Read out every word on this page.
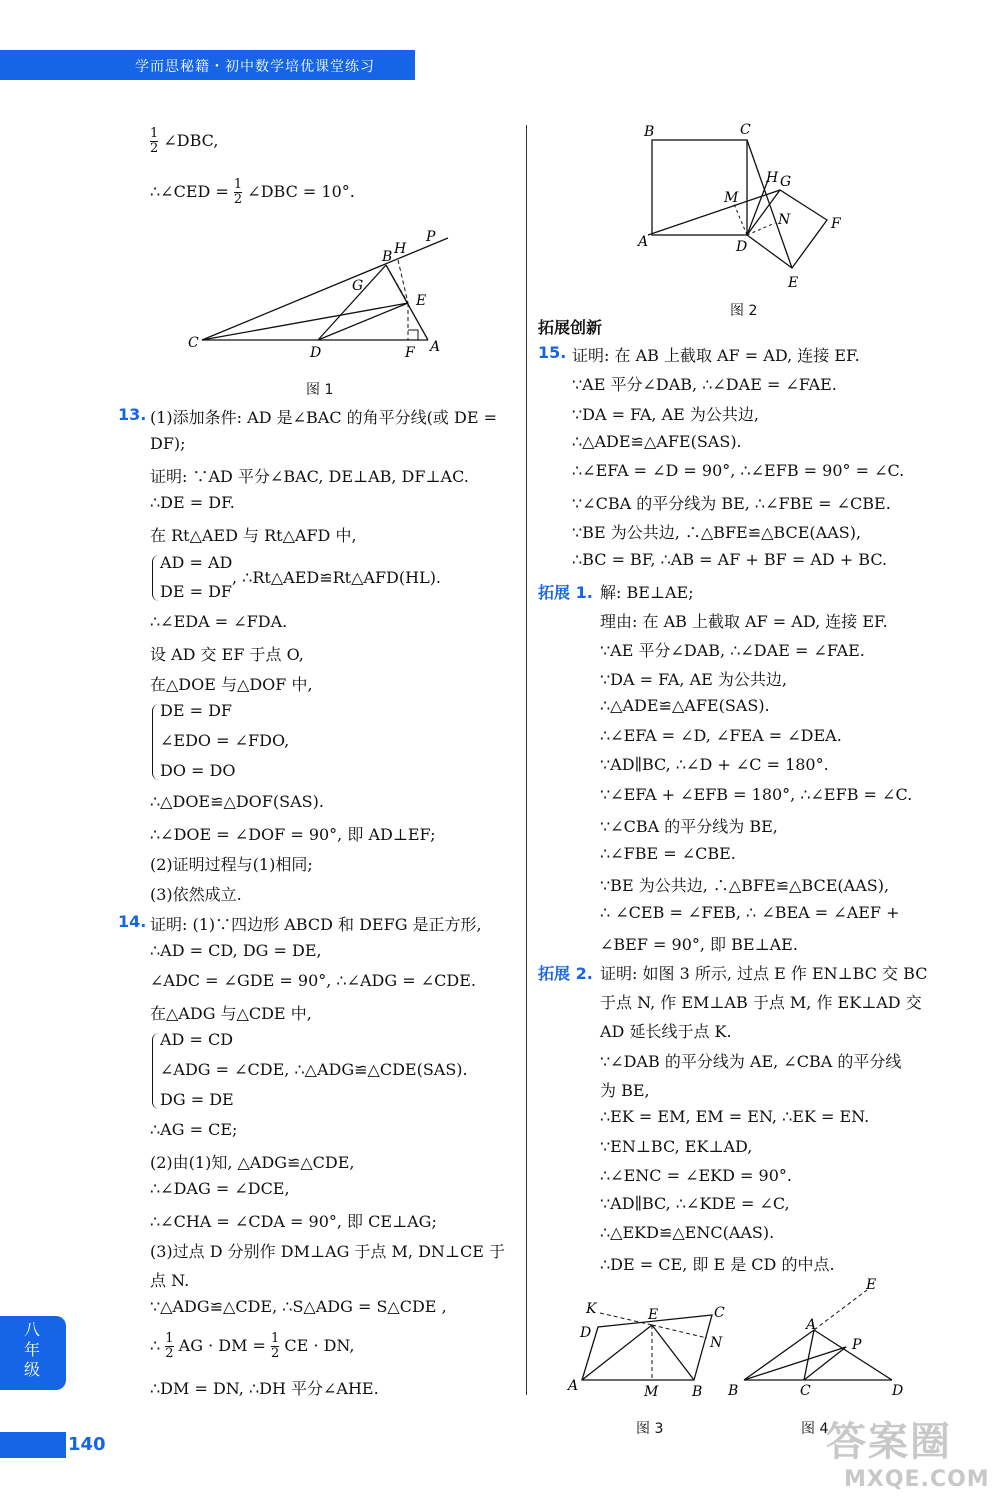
学而思秘籍・初中数学培优课堂练习
$\frac{1}{2}$ ∠DBC,
∴∠CED = $\frac{1}{2}$ ∠DBC = 10°.
C
D	F A
E
G
B H
P
图 1
13. (1)添加条件: AD 是∠BAC 的角平分线(或 DE =
DF);
证明: ∵AD 平分∠BAC, DE⊥AB, DF⊥AC.
∴DE = DF.
在 Rt△AED 与 Rt△AFD 中,
AD = AD
DE = DF
, ∴Rt△AED≌Rt△AFD(HL).
∴∠EDA = ∠FDA.
设 AD 交 EF 于点 O,
在△DOE 与△DOF 中,
DE = DF
∠EDO = ∠FDO,
DO = DO
∴△DOE≌△DOF(SAS).
∴∠DOE = ∠DOF = 90°, 即 AD⊥EF;
(2)证明过程与(1)相同;
(3)依然成立.
14. 证明: (1)∵四边形 ABCD 和 DEFG 是正方形,
∴AD = CD, DG = DE,
∠ADC = ∠GDE = 90°, ∴∠ADG = ∠CDE.
在△ADG 与△CDE 中,
AD = CD
∠ADG = ∠CDE, ∴△ADG≌△CDE(SAS).
DG = DE
∴AG = CE;
(2)由(1)知, △ADG≌△CDE,
∴∠DAG = ∠DCE,
∴∠CHA = ∠CDA = 90°, 即 CE⊥AG;
(3)过点 D 分别作 DM⊥AG 于点 M, DN⊥CE 于
点 N.
∵△ADG≌△CDE, ∴S△ADG = S△CDE ,
∴ $\frac{1}{2}$ AG · DM = $\frac{1}{2}$ CE · DN,
∴DM = DN, ∴DH 平分∠AHE.
B	C
A	D
M
H G
N	F
E
图 2
拓展创新
15. 证明: 在 AB 上截取 AF = AD, 连接 EF.
∵AE 平分∠DAB, ∴∠DAE = ∠FAE.
∵DA = FA, AE 为公共边,
∴△ADE≌△AFE(SAS).
∴∠EFA = ∠D = 90°, ∴∠EFB = 90° = ∠C.
∵∠CBA 的平分线为 BE, ∴∠FBE = ∠CBE.
∵BE 为公共边, ∴△BFE≌△BCE(AAS),
∴BC = BF, ∴AB = AF + BF = AD + BC.
拓展 1. 解: BE⊥AE;
理由: 在 AB 上截取 AF = AD, 连接 EF.
∵AE 平分∠DAB, ∴∠DAE = ∠FAE.
∵DA = FA, AE 为公共边,
∴△ADE≌△AFE(SAS).
∴∠EFA = ∠D, ∠FEA = ∠DEA.
∵AD∥BC, ∴∠D + ∠C = 180°.
∵∠EFA + ∠EFB = 180°, ∴∠EFB = ∠C.
∵∠CBA 的平分线为 BE,
∴∠FBE = ∠CBE.
∵BE 为公共边, ∴△BFE≌△BCE(AAS),
∴ ∠CEB = ∠FEB, ∴ ∠BEA = ∠AEF +
∠BEF = 90°, 即 BE⊥AE.
拓展 2. 证明: 如图 3 所示, 过点 E 作 EN⊥BC 交 BC
于点 N, 作 EM⊥AB 于点 M, 作 EK⊥AD 交
AD 延长线于点 K.
∵∠DAB 的平分线为 AE, ∠CBA 的平分线
为 BE,
∴EK = EM, EM = EN, ∴EK = EN.
∵EN⊥BC, EK⊥AD,
∴∠ENC = ∠EKD = 90°.
∵AD∥BC, ∴∠KDE = ∠C,
∴△EKD≌△ENC(AAS).
∴DE = CE, 即 E 是 CD 的中点.
K
D
E	C
N
A	M B
图 3
E
A
P
B	C	D
图 4
八
年
级
140	答案圈
MXQE.COM
